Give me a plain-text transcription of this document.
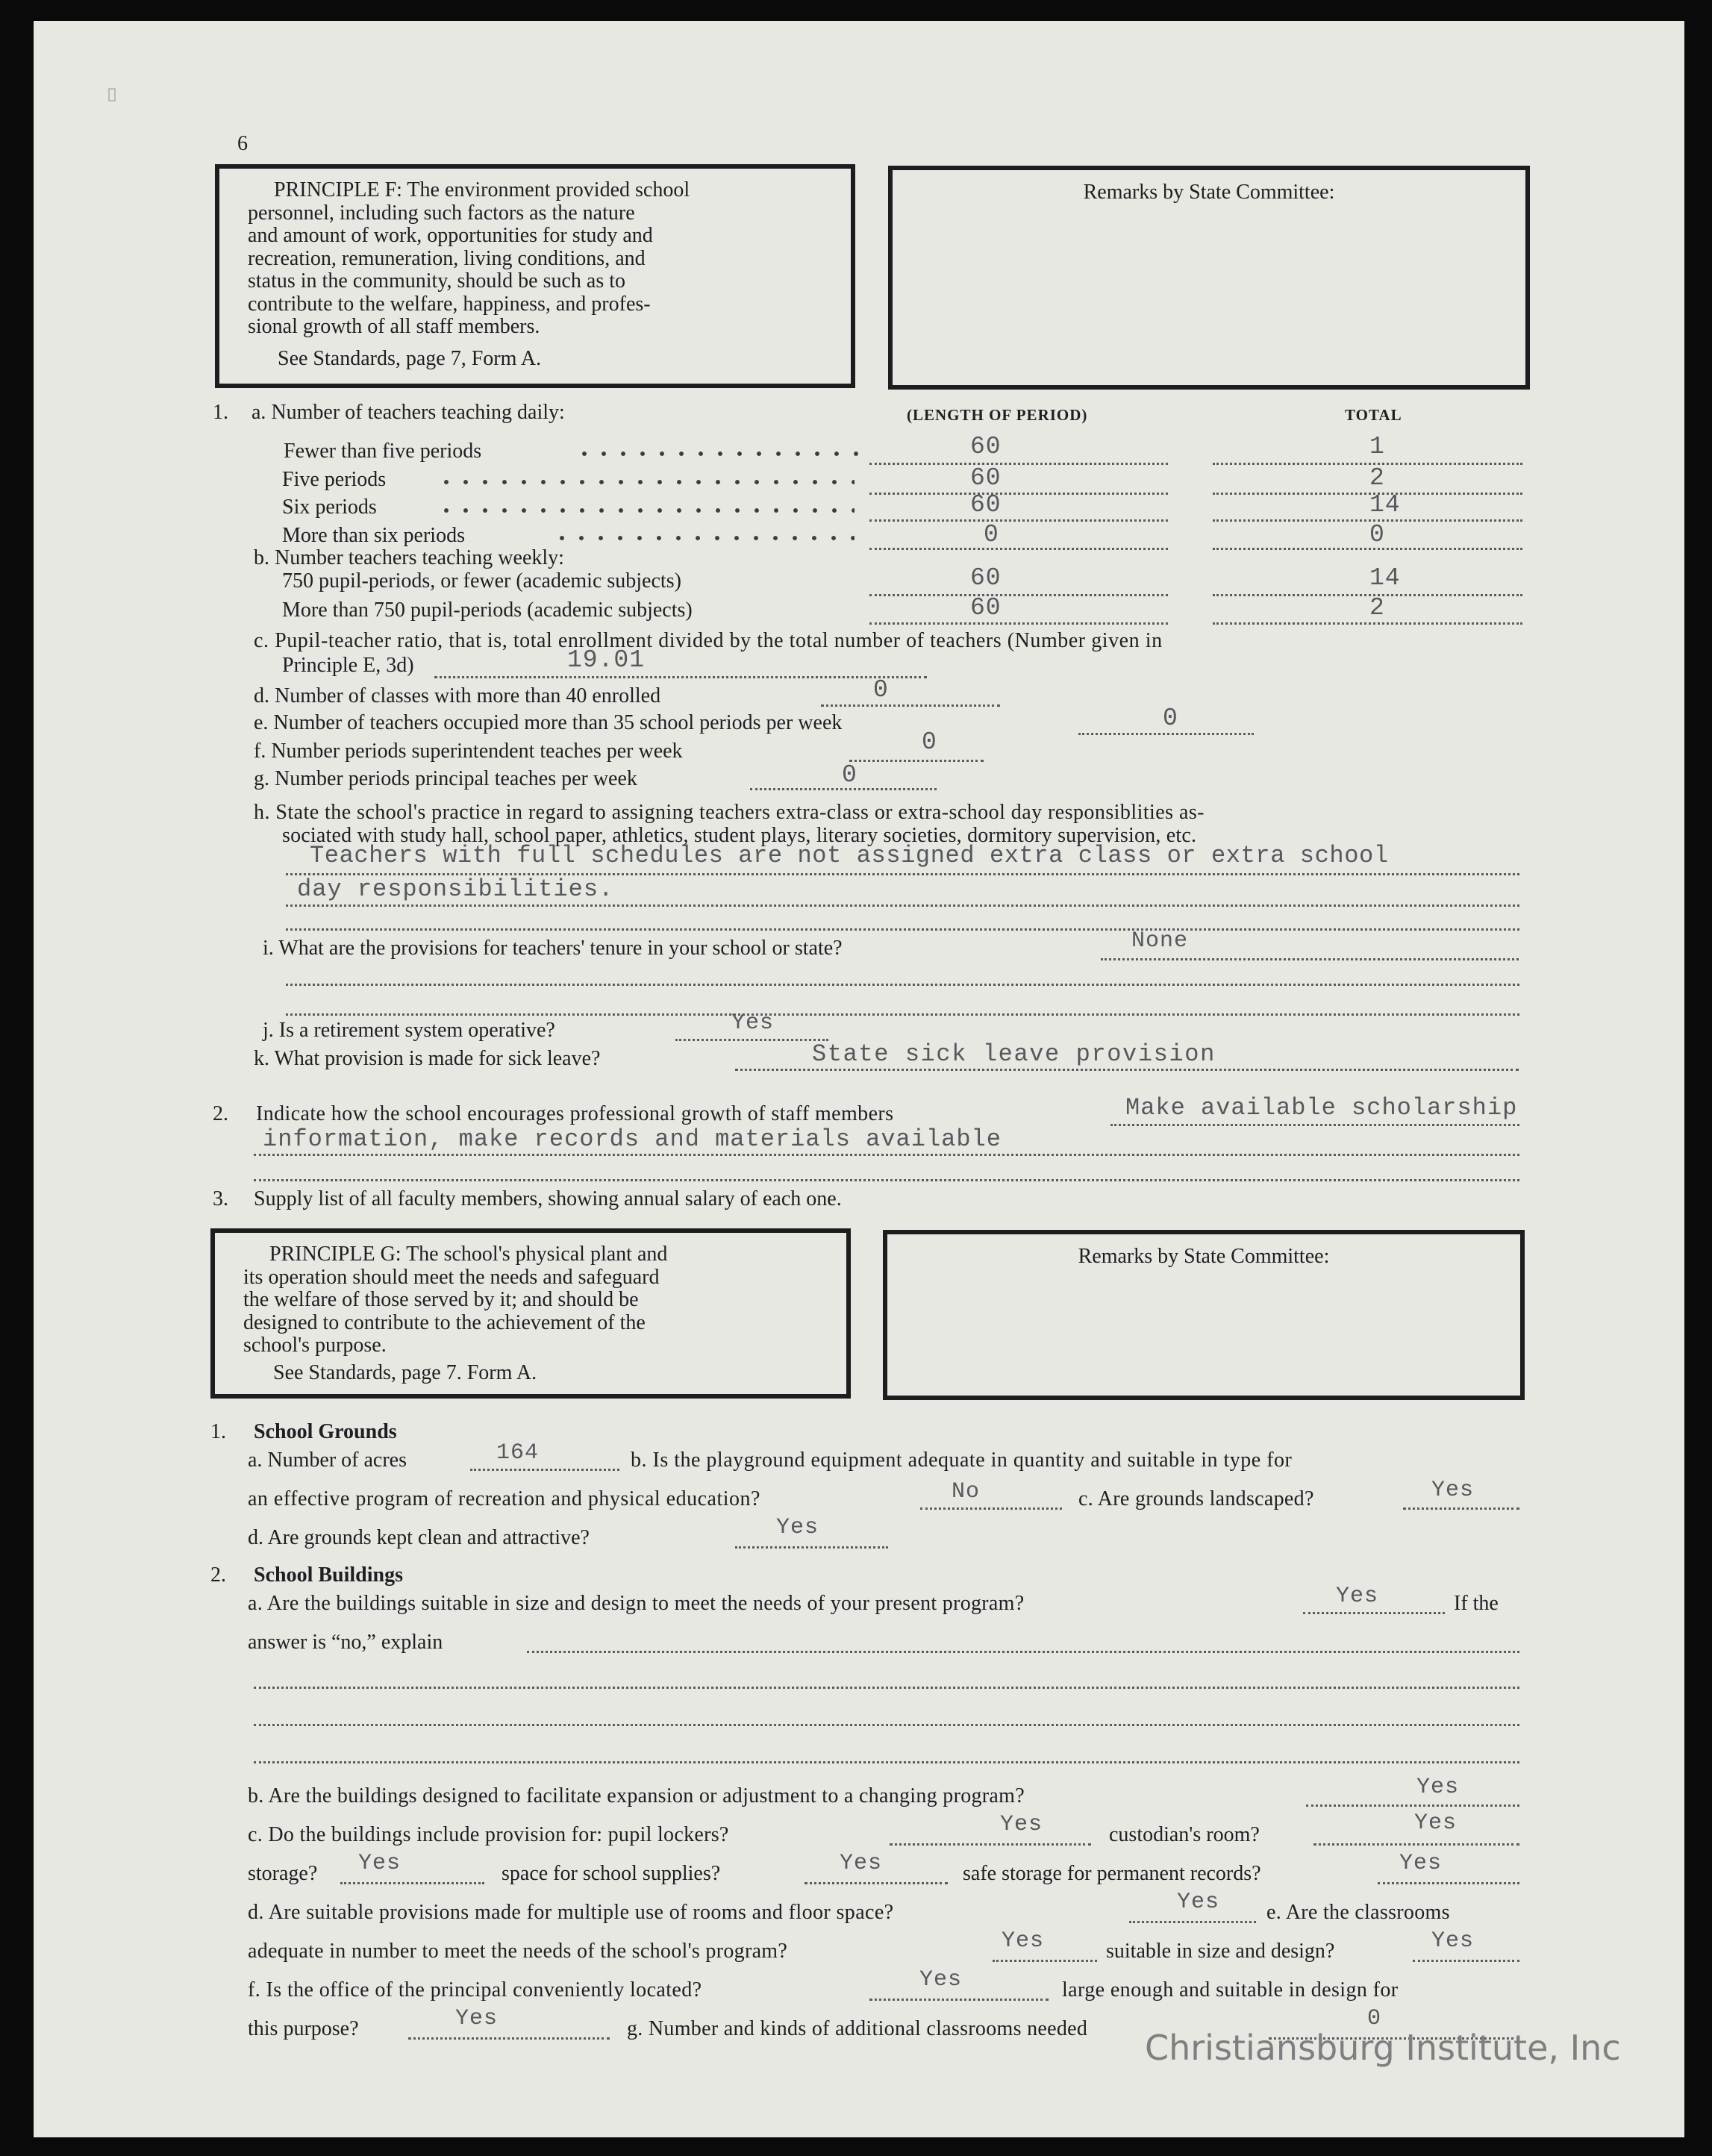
6

PRINCIPLE F: The environment provided school

personnel, including such factors as the nature

and amount of work, opportunities for study and

recreation, remuneration, living conditions, and

status in the community, should be such as to

contribute to the welfare, happiness, and profes-

sional growth of all staff members.

See Standards, page 7, Form A.

Remarks by State Committee:
1. a. Number of teachers teaching daily:	(LENGTH OF PERIOD)	TOTAL
Fewer than five periods	60	1
Five periods	60	2
Six periods	60	14
More than six periods	0	0
b. Number teachers teaching weekly:
750 pupil-periods, or fewer (academic subjects)	60	14
More than 750 pupil-periods (academic subjects)	60	2
c. Pupil-teacher ratio, that is, total enrollment divided by the total number of teachers (Number given in
Principle E, 3d)	19.01
d. Number of classes with more than 40 enrolled	0
e. Number of teachers occupied more than 35 school periods per week	0
f. Number periods superintendent teaches per week	0
g. Number periods principal teaches per week	0
h. State the school's practice in regard to assigning teachers extra-class or extra-school day responsiblities as-
sociated with study hall, school paper, athletics, student plays, literary societies, dormitory supervision, etc.
Teachers with full schedules are not assigned extra class or extra school
day responsibilities.
i. What are the provisions for teachers' tenure in your school or state?	None
j. Is a retirement system operative?	Yes
k. What provision is made for sick leave?	State sick leave provision
2. Indicate how the school encourages professional growth of staff members	Make available scholarship
information, make records and materials available
3. Supply list of all faculty members, showing annual salary of each one.

PRINCIPLE G: The school's physical plant and

its operation should meet the needs and safeguard

the welfare of those served by it; and should be

designed to contribute to the achievement of the

school's purpose.

See Standards, page 7. Form A.

Remarks by State Committee:
1. School Grounds
a. Number of acres	164	b. Is the playground equipment adequate in quantity and suitable in type for
an effective program of recreation and physical education?	No	c. Are grounds landscaped?	Yes
d. Are grounds kept clean and attractive?	Yes
2. School Buildings
a. Are the buildings suitable in size and design to meet the needs of your present program?	Yes	If the
answer is “no,” explain
b. Are the buildings designed to facilitate expansion or adjustment to a changing program?	Yes
c. Do the buildings include provision for: pupil lockers?	Yes	custodian's room?	Yes
storage? Yes	space for school supplies?	Yes	safe storage for permanent records?	Yes
d. Are suitable provisions made for multiple use of rooms and floor space?	Yes e. Are the classrooms
adequate in number to meet the needs of the school's program?	Yes	suitable in size and design?	Yes
f. Is the office of the principal conveniently located?	Yes	large enough and suitable in design for
this purpose?	Yes	g. Number and kinds of additional classrooms needed	0
Christiansburg Institute, Inc
